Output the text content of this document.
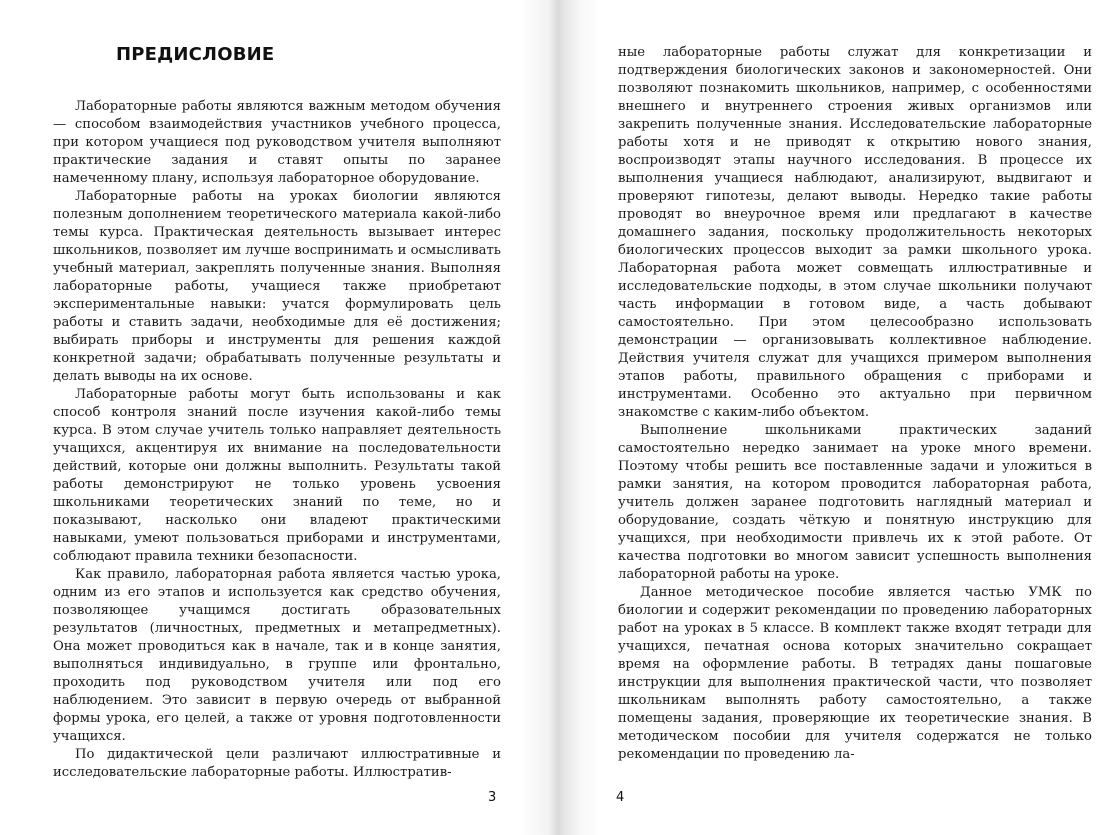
ПРЕДИСЛОВИЕ

Лабораторные работы являются важным методом обучения — способом взаимодействия участников учебного процесса, при котором учащиеся под руководством учителя выполняют практические задания и ставят опыты по заранее намеченному плану, используя лабораторное оборудование.

Лабораторные работы на уроках биологии являются полезным дополнением теоретического материала какой-либо темы курса. Практическая деятельность вызывает интерес школьников, позволяет им лучше воспринимать и осмысливать учебный материал, закреплять полученные знания. Выполняя лабораторные работы, учащиеся также приобретают экспериментальные навыки: учатся формулировать цель работы и ставить задачи, необходимые для её достижения; выбирать приборы и инструменты для решения каждой конкретной задачи; обрабатывать полученные результаты и делать выводы на их основе.

Лабораторные работы могут быть использованы и как способ контроля знаний после изучения какой-либо темы курса. В этом случае учитель только направляет деятельность учащихся, акцентируя их внимание на последовательности действий, которые они должны выполнить. Результаты такой работы демонстрируют не только уровень усвоения школьниками теоретических знаний по теме, но и показывают, насколько они владеют практическими навыками, умеют пользоваться приборами и инструментами, соблюдают правила техники безопасности.

Как правило, лабораторная работа является частью урока, одним из его этапов и используется как средство обучения, позволяющее учащимся достигать образовательных результатов (личностных, предметных и метапредметных). Она может проводиться как в начале, так и в конце занятия, выполняться индивидуально, в группе или фронтально, проходить под руководством учителя или под его наблюдением. Это зависит в первую очередь от выбранной формы урока, его целей, а также от уровня подготовленности учащихся.

По дидактической цели различают иллюстративные и исследовательские лабораторные работы. Иллюстратив-

3

ные лабораторные работы служат для конкретизации и подтверждения биологических законов и закономерностей. Они позволяют познакомить школьников, например, с особенностями внешнего и внутреннего строения живых организмов или закрепить полученные знания. Исследовательские лабораторные работы хотя и не приводят к открытию нового знания, воспроизводят этапы научного исследования. В процессе их выполнения учащиеся наблюдают, анализируют, выдвигают и проверяют гипотезы, делают выводы. Нередко такие работы проводят во внеурочное время или предлагают в качестве домашнего задания, поскольку продолжительность некоторых биологических процессов выходит за рамки школьного урока. Лабораторная работа может совмещать иллюстративные и исследовательские подходы, в этом случае школьники получают часть информации в готовом виде, а часть добывают самостоятельно. При этом целесообразно использовать демонстрации — организовывать коллективное наблюдение. Действия учителя служат для учащихся примером выполнения этапов работы, правильного обращения с приборами и инструментами. Особенно это актуально при первичном знакомстве с каким-либо объектом.

Выполнение школьниками практических заданий самостоятельно нередко занимает на уроке много времени. Поэтому чтобы решить все поставленные задачи и уложиться в рамки занятия, на котором проводится лабораторная работа, учитель должен заранее подготовить наглядный материал и оборудование, создать чёткую и понятную инструкцию для учащихся, при необходимости привлечь их к этой работе. От качества подготовки во многом зависит успешность выполнения лабораторной работы на уроке.

Данное методическое пособие является частью УМК по биологии и содержит рекомендации по проведению лабораторных работ на уроках в 5 классе. В комплект также входят тетради для учащихся, печатная основа которых значительно сокращает время на оформление работы. В тетрадях даны пошаговые инструкции для выполнения практической части, что позволяет школьникам выполнять работу самостоятельно, а также помещены задания, проверяющие их теоретические знания. В методическом пособии для учителя содержатся не только рекомендации по проведению ла-

4
